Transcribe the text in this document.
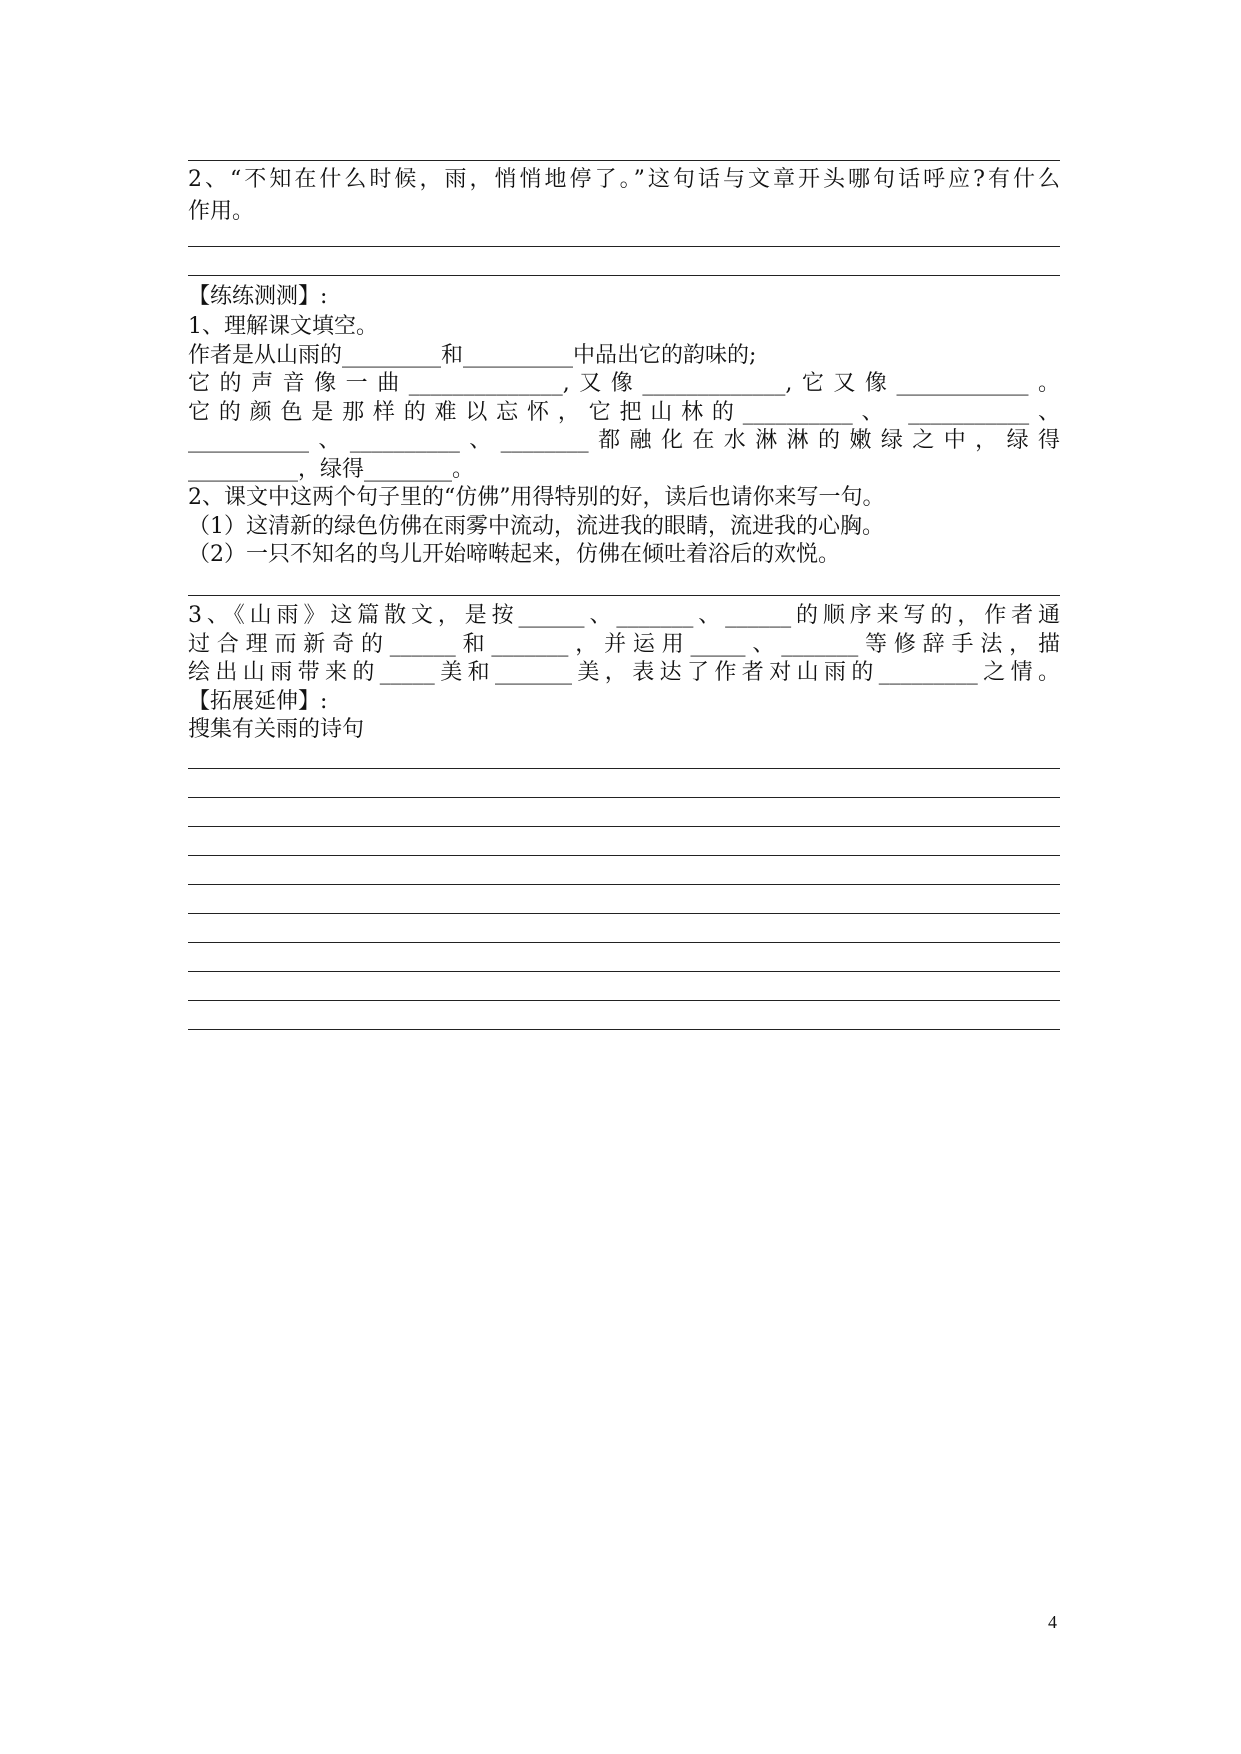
2、“不知在什么时候，雨，悄悄地停了。”这句话与文章开头哪句话呼应?有什么
作用。
【练练测测】:
1、理解课文填空。
作者是从山雨的_________和__________中品出它的韵味的;
它的声音像一曲______________,又像_____________,它又像____________。
它的颜色是那样的难以忘怀，它把山林的__________、 ___________、
___________、__________、________都融化在水淋淋的嫩绿之中，绿得
__________，绿得________。
2、课文中这两个句子里的“仿佛”用得特别的好，读后也请你来写一句。
（1）这清新的绿色仿佛在雨雾中流动，流进我的眼睛，流进我的心胸。
（2）一只不知名的鸟儿开始啼啭起来，仿佛在倾吐着浴后的欢悦。
3、《山雨》这篇散文，是按______、_______、______的顺序来写的，作者通
过合理而新奇的______和_______，并运用_____、_______等修辞手法，描
绘出山雨带来的_____美和_______美，表达了作者对山雨的_________之情。
【拓展延伸】:
搜集有关雨的诗句
4
